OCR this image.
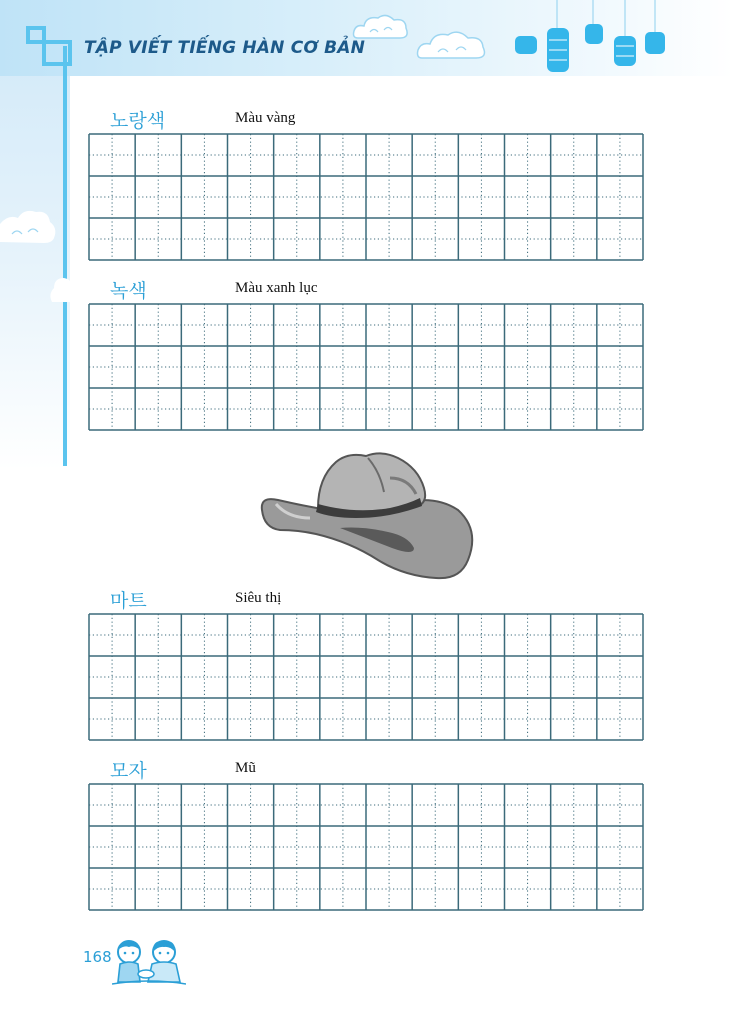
TẬP VIẾT TIẾNG HÀN CƠ BẢN
노랑색	Màu vàng
녹색	Màu xanh lục
마트	Siêu thị
모자	Mũ
168
